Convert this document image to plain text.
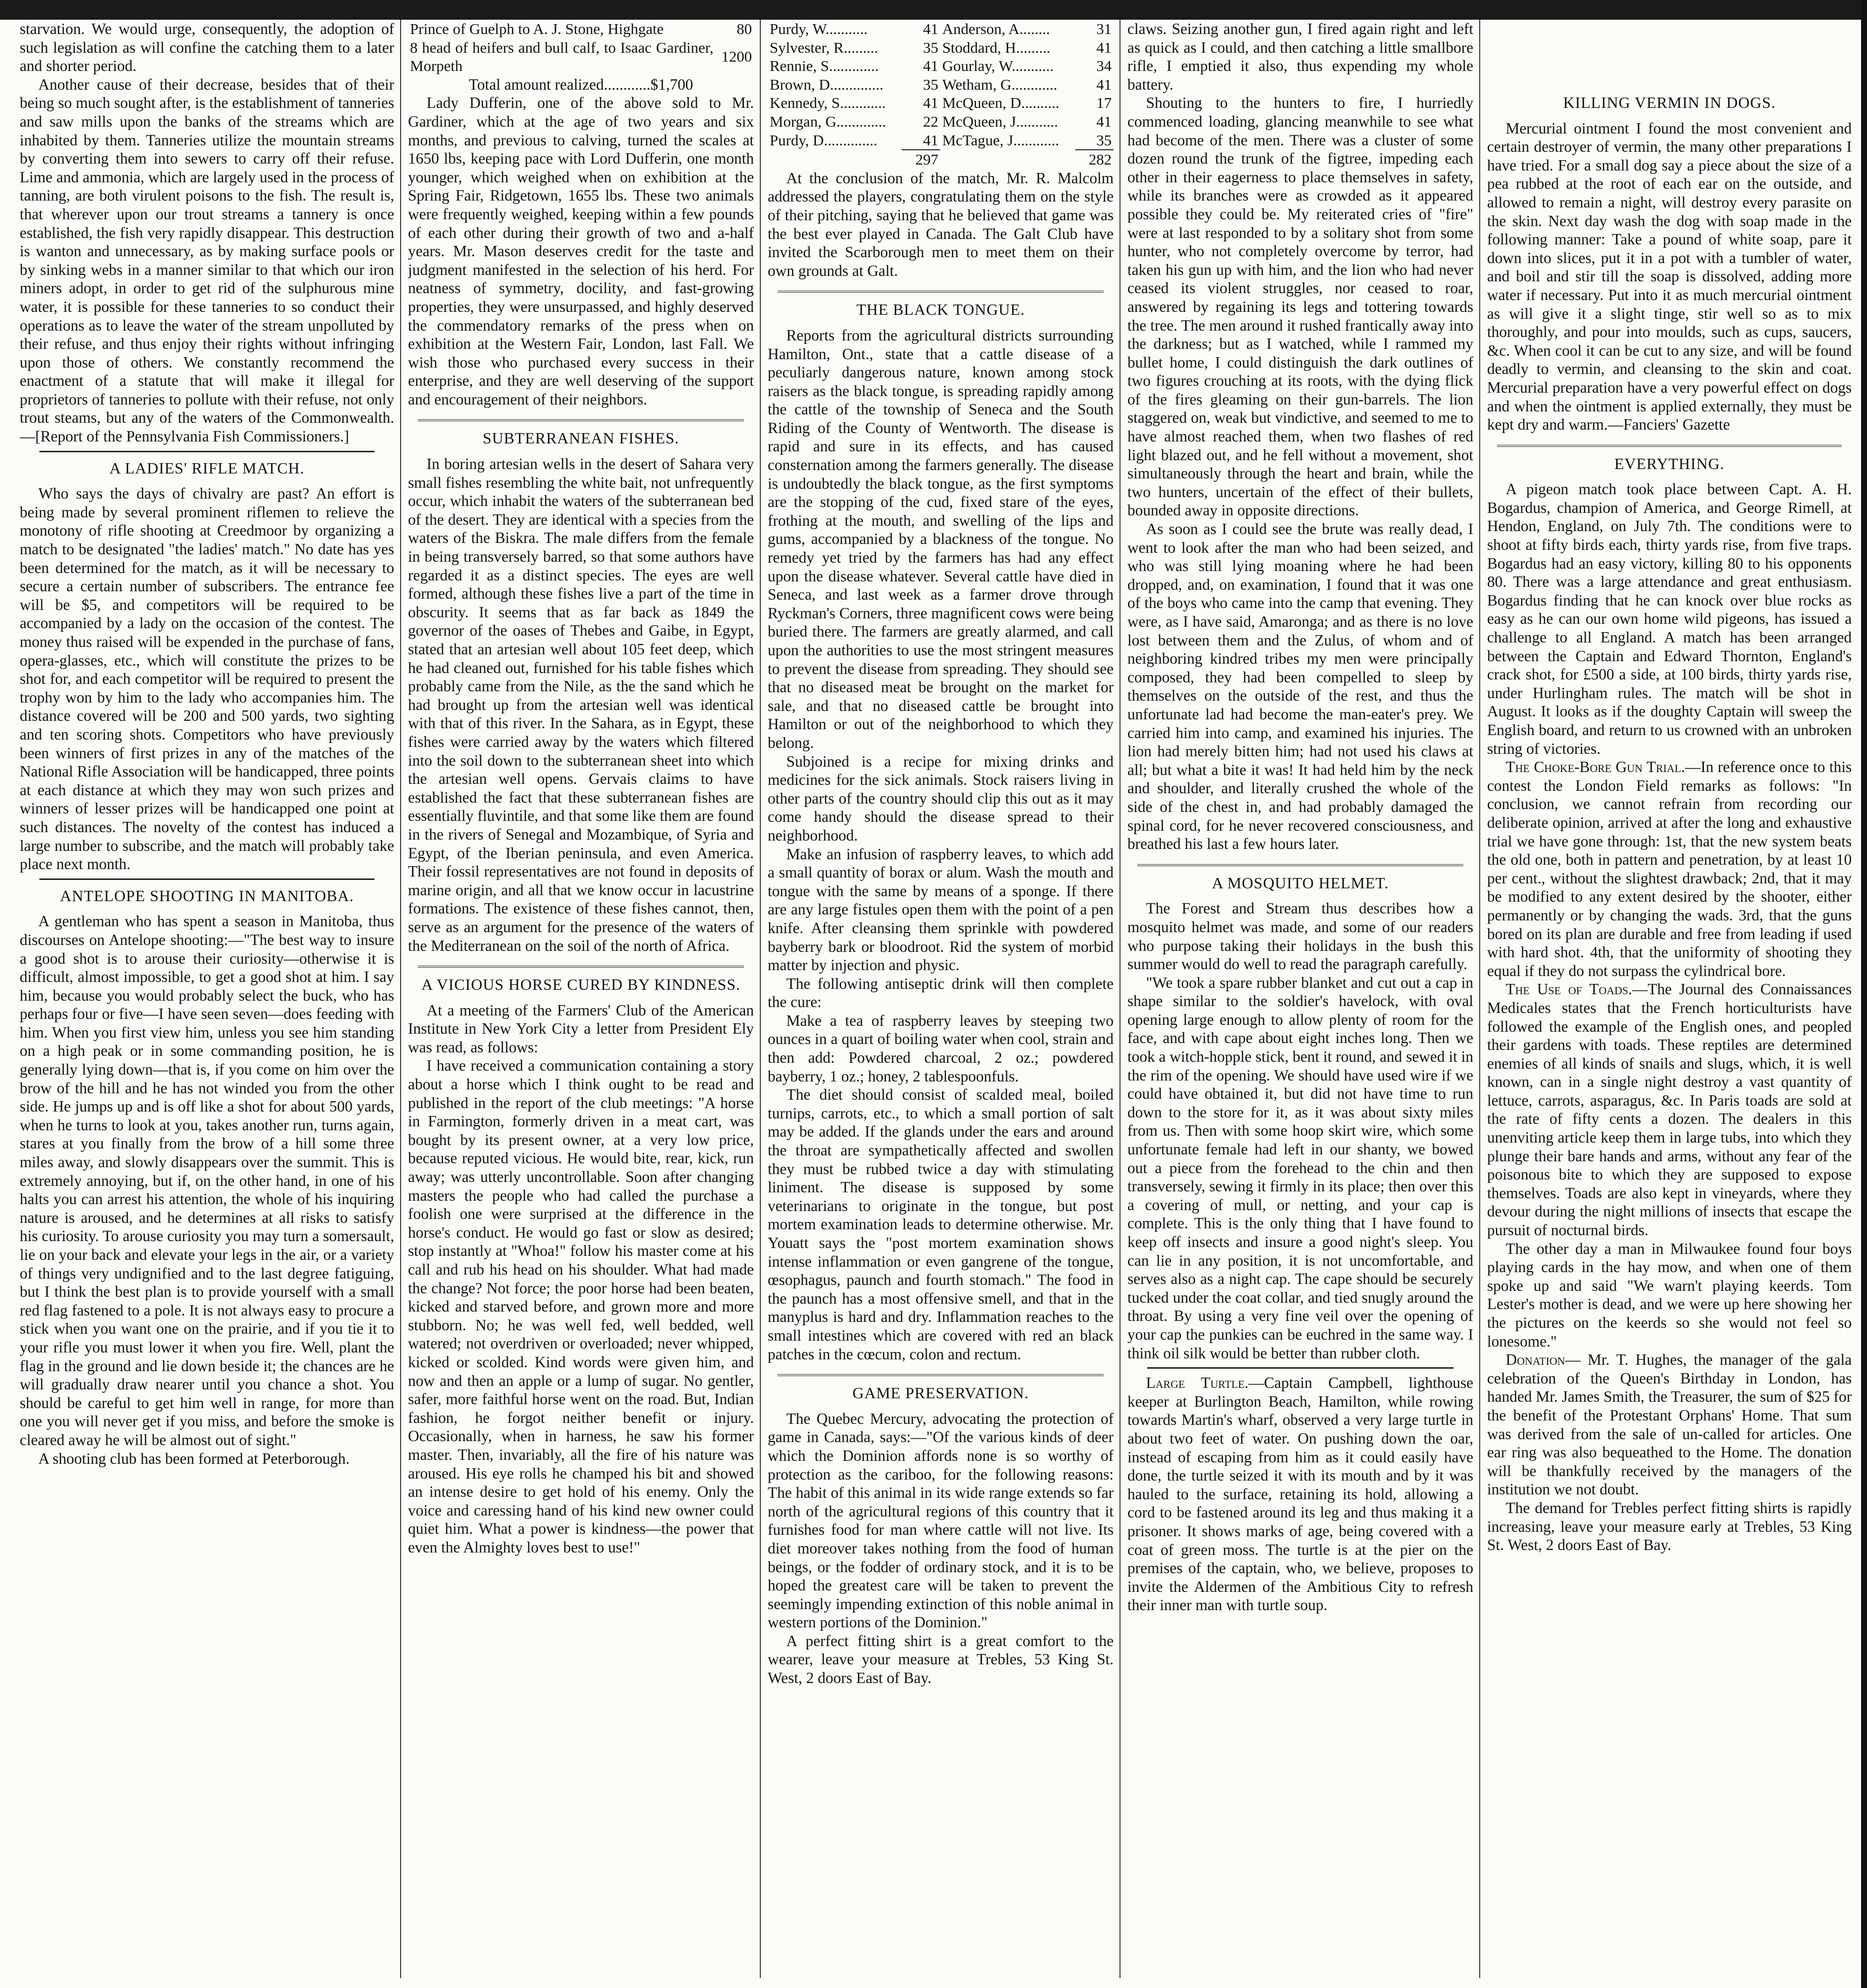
starvation. We would urge, consequently, the adoption of such legislation as will confine the catching them to a later and shorter period.

Another cause of their decrease, besides that of their being so much sought after, is the establishment of tanneries and saw mills upon the banks of the streams which are inhabited by them. Tanneries utilize the mountain streams by converting them into sewers to carry off their refuse. Lime and ammonia, which are largely used in the process of tanning, are both virulent poisons to the fish. The result is, that wherever upon our trout streams a tannery is once established, the fish very rapidly disappear. This destruction is wanton and unnecessary, as by making surface pools or by sinking webs in a manner similar to that which our iron miners adopt, in order to get rid of the sulphurous mine water, it is possible for these tanneries to so conduct their operations as to leave the water of the stream unpolluted by their refuse, and thus enjoy their rights without infringing upon those of others. We constantly recommend the enactment of a statute that will make it illegal for proprietors of tanneries to pollute with their refuse, not only trout steams, but any of the waters of the Commonwealth.—[Report of the Pennsylvania Fish Commissioners.]

A LADIES' RIFLE MATCH.

Who says the days of chivalry are past? An effort is being made by several prominent riflemen to relieve the monotony of rifle shooting at Creedmoor by organizing a match to be designated "the ladies' match." No date has yes been determined for the match, as it will be necessary to secure a certain number of subscribers. The entrance fee will be $5, and competitors will be required to be accompanied by a lady on the occasion of the contest. The money thus raised will be expended in the purchase of fans, opera-glasses, etc., which will constitute the prizes to be shot for, and each competitor will be required to present the trophy won by him to the lady who accompanies him. The distance covered will be 200 and 500 yards, two sighting and ten scoring shots. Competitors who have previously been winners of first prizes in any of the matches of the National Rifle Association will be handicapped, three points at each distance at which they may won such prizes and winners of lesser prizes will be handicapped one point at such distances. The novelty of the contest has induced a large number to subscribe, and the match will probably take place next month.

ANTELOPE SHOOTING IN MANITOBA.

A gentleman who has spent a season in Manitoba, thus discourses on Antelope shooting:—"The best way to insure a good shot is to arouse their curiosity—otherwise it is difficult, almost impossible, to get a good shot at him. I say him, because you would probably select the buck, who has perhaps four or five—I have seen seven—does feeding with him. When you first view him, unless you see him standing on a high peak or in some commanding position, he is generally lying down—that is, if you come on him over the brow of the hill and he has not winded you from the other side. He jumps up and is off like a shot for about 500 yards, when he turns to look at you, takes another run, turns again, stares at you finally from the brow of a hill some three miles away, and slowly disappears over the summit. This is extremely annoying, but if, on the other hand, in one of his halts you can arrest his attention, the whole of his inquiring nature is aroused, and he determines at all risks to satisfy his curiosity. To arouse curiosity you may turn a somersault, lie on your back and elevate your legs in the air, or a variety of things very undignified and to the last degree fatiguing, but I think the best plan is to provide yourself with a small red flag fastened to a pole. It is not always easy to procure a stick when you want one on the prairie, and if you tie it to your rifle you must lower it when you fire. Well, plant the flag in the ground and lie down beside it; the chances are he will gradually draw nearer until you chance a shot. You should be careful to get him well in range, for more than one you will never get if you miss, and before the smoke is cleared away he will be almost out of sight."

A shooting club has been formed at Peterborough.

Prince of Guelph to A. J. Stone, Highgate	80
8 head of heifers and bull calf, to Isaac Gardiner, Morpeth	1200
Total amount realized............$1,700

Lady Dufferin, one of the above sold to Mr. Gardiner, which at the age of two years and six months, and previous to calving, turned the scales at 1650 lbs, keeping pace with Lord Dufferin, one month younger, which weighed when on exhibition at the Spring Fair, Ridgetown, 1655 lbs. These two animals were frequently weighed, keeping within a few pounds of each other during their growth of two and a-half years. Mr. Mason deserves credit for the taste and judgment manifested in the selection of his herd. For neatness of symmetry, docility, and fast-growing properties, they were unsurpassed, and highly deserved the commendatory remarks of the press when on exhibition at the Western Fair, London, last Fall. We wish those who purchased every success in their enterprise, and they are well deserving of the support and encouragement of their neighbors.

SUBTERRANEAN FISHES.

In boring artesian wells in the desert of Sahara very small fishes resembling the white bait, not unfrequently occur, which inhabit the waters of the subterranean bed of the desert. They are identical with a species from the waters of the Biskra. The male differs from the female in being transversely barred, so that some authors have regarded it as a distinct species. The eyes are well formed, although these fishes live a part of the time in obscurity. It seems that as far back as 1849 the governor of the oases of Thebes and Gaibe, in Egypt, stated that an artesian well about 105 feet deep, which he had cleaned out, furnished for his table fishes which probably came from the Nile, as the the sand which he had brought up from the artesian well was identical with that of this river. In the Sahara, as in Egypt, these fishes were carried away by the waters which filtered into the soil down to the subterranean sheet into which the artesian well opens. Gervais claims to have established the fact that these subterranean fishes are essentially fluvintile, and that some like them are found in the rivers of Senegal and Mozambique, of Syria and Egypt, of the Iberian peninsula, and even America. Their fossil representatives are not found in deposits of marine origin, and all that we know occur in lacustrine formations. The existence of these fishes cannot, then, serve as an argument for the presence of the waters of the Mediterranean on the soil of the north of Africa.

A VICIOUS HORSE CURED BY KINDNESS.

At a meeting of the Farmers' Club of the American Institute in New York City a letter from President Ely was read, as follows:

I have received a communication containing a story about a horse which I think ought to be read and published in the report of the club meetings: "A horse in Farmington, formerly driven in a meat cart, was bought by its present owner, at a very low price, because reputed vicious. He would bite, rear, kick, run away; was utterly uncontrollable. Soon after changing masters the people who had called the purchase a foolish one were surprised at the difference in the horse's conduct. He would go fast or slow as desired; stop instantly at "Whoa!" follow his master come at his call and rub his head on his shoulder. What had made the change? Not force; the poor horse had been beaten, kicked and starved before, and grown more and more stubborn. No; he was well fed, well bedded, well watered; not overdriven or overloaded; never whipped, kicked or scolded. Kind words were given him, and now and then an apple or a lump of sugar. No gentler, safer, more faithful horse went on the road. But, Indian fashion, he forgot neither benefit or injury. Occasionally, when in harness, he saw his former master. Then, invariably, all the fire of his nature was aroused. His eye rolls he champed his bit and showed an intense desire to get hold of his enemy. Only the voice and caressing hand of his kind new owner could quiet him. What a power is kindness—the power that even the Almighty loves best to use!"

Purdy, W...........	41	Anderson, A........	31
Sylvester, R.........	35	Stoddard, H.........	41
Rennie, S.............	41	Gourlay, W...........	34
Brown, D..............	35	Wetham, G............	41
Kennedy, S............	41	McQueen, D..........	17
Morgan, G.............	22	McQueen, J...........	41
Purdy, D..............	41	McTague, J............	35
	297		282

At the conclusion of the match, Mr. R. Malcolm addressed the players, congratulating them on the style of their pitching, saying that he believed that game was the best ever played in Canada. The Galt Club have invited the Scarborough men to meet them on their own grounds at Galt.

THE BLACK TONGUE.

Reports from the agricultural districts surrounding Hamilton, Ont., state that a cattle disease of a peculiarly dangerous nature, known among stock raisers as the black tongue, is spreading rapidly among the cattle of the township of Seneca and the South Riding of the County of Wentworth. The disease is rapid and sure in its effects, and has caused consternation among the farmers generally. The disease is undoubtedly the black tongue, as the first symptoms are the stopping of the cud, fixed stare of the eyes, frothing at the mouth, and swelling of the lips and gums, accompanied by a blackness of the tongue. No remedy yet tried by the farmers has had any effect upon the disease whatever. Several cattle have died in Seneca, and last week as a farmer drove through Ryckman's Corners, three magnificent cows were being buried there. The farmers are greatly alarmed, and call upon the authorities to use the most stringent measures to prevent the disease from spreading. They should see that no diseased meat be brought on the market for sale, and that no diseased cattle be brought into Hamilton or out of the neighborhood to which they belong.

Subjoined is a recipe for mixing drinks and medicines for the sick animals. Stock raisers living in other parts of the country should clip this out as it may come handy should the disease spread to their neighborhood.

Make an infusion of raspberry leaves, to which add a small quantity of borax or alum. Wash the mouth and tongue with the same by means of a sponge. If there are any large fistules open them with the point of a pen knife. After cleansing them sprinkle with powdered bayberry bark or bloodroot. Rid the system of morbid matter by injection and physic.

The following antiseptic drink will then complete the cure:

Make a tea of raspberry leaves by steeping two ounces in a quart of boiling water when cool, strain and then add: Powdered charcoal, 2 oz.; powdered bayberry, 1 oz.; honey, 2 tablespoonfuls.

The diet should consist of scalded meal, boiled turnips, carrots, etc., to which a small portion of salt may be added. If the glands under the ears and around the throat are sympathetically affected and swollen they must be rubbed twice a day with stimulating liniment. The disease is supposed by some veterinarians to originate in the tongue, but post mortem examination leads to determine otherwise. Mr. Youatt says the "post mortem examination shows intense inflammation or even gangrene of the tongue, œsophagus, paunch and fourth stomach." The food in the paunch has a most offensive smell, and that in the manyplus is hard and dry. Inflammation reaches to the small intestines which are covered with red an black patches in the cœcum, colon and rectum.

GAME PRESERVATION.

The Quebec Mercury, advocating the protection of game in Canada, says:—"Of the various kinds of deer which the Dominion affords none is so worthy of protection as the cariboo, for the following reasons: The habit of this animal in its wide range extends so far north of the agricultural regions of this country that it furnishes food for man where cattle will not live. Its diet moreover takes nothing from the food of human beings, or the fodder of ordinary stock, and it is to be hoped the greatest care will be taken to prevent the seemingly impending extinction of this noble animal in western portions of the Dominion."

A perfect fitting shirt is a great comfort to the wearer, leave your measure at Trebles, 53 King St. West, 2 doors East of Bay.

claws. Seizing another gun, I fired again right and left as quick as I could, and then catching a little smallbore rifle, I emptied it also, thus expending my whole battery.

Shouting to the hunters to fire, I hurriedly commenced loading, glancing meanwhile to see what had become of the men. There was a cluster of some dozen round the trunk of the figtree, impeding each other in their eagerness to place themselves in safety, while its branches were as crowded as it appeared possible they could be. My reiterated cries of "fire" were at last responded to by a solitary shot from some hunter, who not completely overcome by terror, had taken his gun up with him, and the lion who had never ceased its violent struggles, nor ceased to roar, answered by regaining its legs and tottering towards the tree. The men around it rushed frantically away into the darkness; but as I watched, while I rammed my bullet home, I could distinguish the dark outlines of two figures crouching at its roots, with the dying flick of the fires gleaming on their gun-barrels. The lion staggered on, weak but vindictive, and seemed to me to have almost reached them, when two flashes of red light blazed out, and he fell without a movement, shot simultaneously through the heart and brain, while the two hunters, uncertain of the effect of their bullets, bounded away in opposite directions.

As soon as I could see the brute was really dead, I went to look after the man who had been seized, and who was still lying moaning where he had been dropped, and, on examination, I found that it was one of the boys who came into the camp that evening. They were, as I have said, Amaronga; and as there is no love lost between them and the Zulus, of whom and of neighboring kindred tribes my men were principally composed, they had been compelled to sleep by themselves on the outside of the rest, and thus the unfortunate lad had become the man-eater's prey. We carried him into camp, and examined his injuries. The lion had merely bitten him; had not used his claws at all; but what a bite it was! It had held him by the neck and shoulder, and literally crushed the whole of the side of the chest in, and had probably damaged the spinal cord, for he never recovered consciousness, and breathed his last a few hours later.

A MOSQUITO HELMET.

The Forest and Stream thus describes how a mosquito helmet was made, and some of our readers who purpose taking their holidays in the bush this summer would do well to read the paragraph carefully.

"We took a spare rubber blanket and cut out a cap in shape similar to the soldier's havelock, with oval opening large enough to allow plenty of room for the face, and with cape about eight inches long. Then we took a witch-hopple stick, bent it round, and sewed it in the rim of the opening. We should have used wire if we could have obtained it, but did not have time to run down to the store for it, as it was about sixty miles from us. Then with some hoop skirt wire, which some unfortunate female had left in our shanty, we bowed out a piece from the forehead to the chin and then transversely, sewing it firmly in its place; then over this a covering of mull, or netting, and your cap is complete. This is the only thing that I have found to keep off insects and insure a good night's sleep. You can lie in any position, it is not uncomfortable, and serves also as a night cap. The cape should be securely tucked under the coat collar, and tied snugly around the throat. By using a very fine veil over the opening of your cap the punkies can be euchred in the same way. I think oil silk would be better than rubber cloth.

Large Turtle.—Captain Campbell, lighthouse keeper at Burlington Beach, Hamilton, while rowing towards Martin's wharf, observed a very large turtle in about two feet of water. On pushing down the oar, instead of escaping from him as it could easily have done, the turtle seized it with its mouth and by it was hauled to the surface, retaining its hold, allowing a cord to be fastened around its leg and thus making it a prisoner. It shows marks of age, being covered with a coat of green moss. The turtle is at the pier on the premises of the captain, who, we believe, proposes to invite the Aldermen of the Ambitious City to refresh their inner man with turtle soup.

KILLING VERMIN IN DOGS.

Mercurial ointment I found the most convenient and certain destroyer of vermin, the many other preparations I have tried. For a small dog say a piece about the size of a pea rubbed at the root of each ear on the outside, and allowed to remain a night, will destroy every parasite on the skin. Next day wash the dog with soap made in the following manner: Take a pound of white soap, pare it down into slices, put it in a pot with a tumbler of water, and boil and stir till the soap is dissolved, adding more water if necessary. Put into it as much mercurial ointment as will give it a slight tinge, stir well so as to mix thoroughly, and pour into moulds, such as cups, saucers, &c. When cool it can be cut to any size, and will be found deadly to vermin, and cleansing to the skin and coat. Mercurial preparation have a very powerful effect on dogs and when the ointment is applied externally, they must be kept dry and warm.—Fanciers' Gazette

EVERYTHING.

A pigeon match took place between Capt. A. H. Bogardus, champion of America, and George Rimell, at Hendon, England, on July 7th. The conditions were to shoot at fifty birds each, thirty yards rise, from five traps. Bogardus had an easy victory, killing 80 to his opponents 80. There was a large attendance and great enthusiasm. Bogardus finding that he can knock over blue rocks as easy as he can our own home wild pigeons, has issued a challenge to all England. A match has been arranged between the Captain and Edward Thornton, England's crack shot, for £500 a side, at 100 birds, thirty yards rise, under Hurlingham rules. The match will be shot in August. It looks as if the doughty Captain will sweep the English board, and return to us crowned with an unbroken string of victories.

The Choke-Bore Gun Trial.—In reference once to this contest the London Field remarks as follows: "In conclusion, we cannot refrain from recording our deliberate opinion, arrived at after the long and exhaustive trial we have gone through: 1st, that the new system beats the old one, both in pattern and penetration, by at least 10 per cent., without the slightest drawback; 2nd, that it may be modified to any extent desired by the shooter, either permanently or by changing the wads. 3rd, that the guns bored on its plan are durable and free from leading if used with hard shot. 4th, that the uniformity of shooting they equal if they do not surpass the cylindrical bore.

The Use of Toads.—The Journal des Connaissances Medicales states that the French horticulturists have followed the example of the English ones, and peopled their gardens with toads. These reptiles are determined enemies of all kinds of snails and slugs, which, it is well known, can in a single night destroy a vast quantity of lettuce, carrots, asparagus, &c. In Paris toads are sold at the rate of fifty cents a dozen. The dealers in this unenviting article keep them in large tubs, into which they plunge their bare hands and arms, without any fear of the poisonous bite to which they are supposed to expose themselves. Toads are also kept in vineyards, where they devour during the night millions of insects that escape the pursuit of nocturnal birds.

The other day a man in Milwaukee found four boys playing cards in the hay mow, and when one of them spoke up and said "We warn't playing keerds. Tom Lester's mother is dead, and we were up here showing her the pictures on the keerds so she would not feel so lonesome."

Donation— Mr. T. Hughes, the manager of the gala celebration of the Queen's Birthday in London, has handed Mr. James Smith, the Treasurer, the sum of $25 for the benefit of the Protestant Orphans' Home. That sum was derived from the sale of un-called for articles. One ear ring was also bequeathed to the Home. The donation will be thankfully received by the managers of the institution we not doubt.

The demand for Trebles perfect fitting shirts is rapidly increasing, leave your measure early at Trebles, 53 King St. West, 2 doors East of Bay.
